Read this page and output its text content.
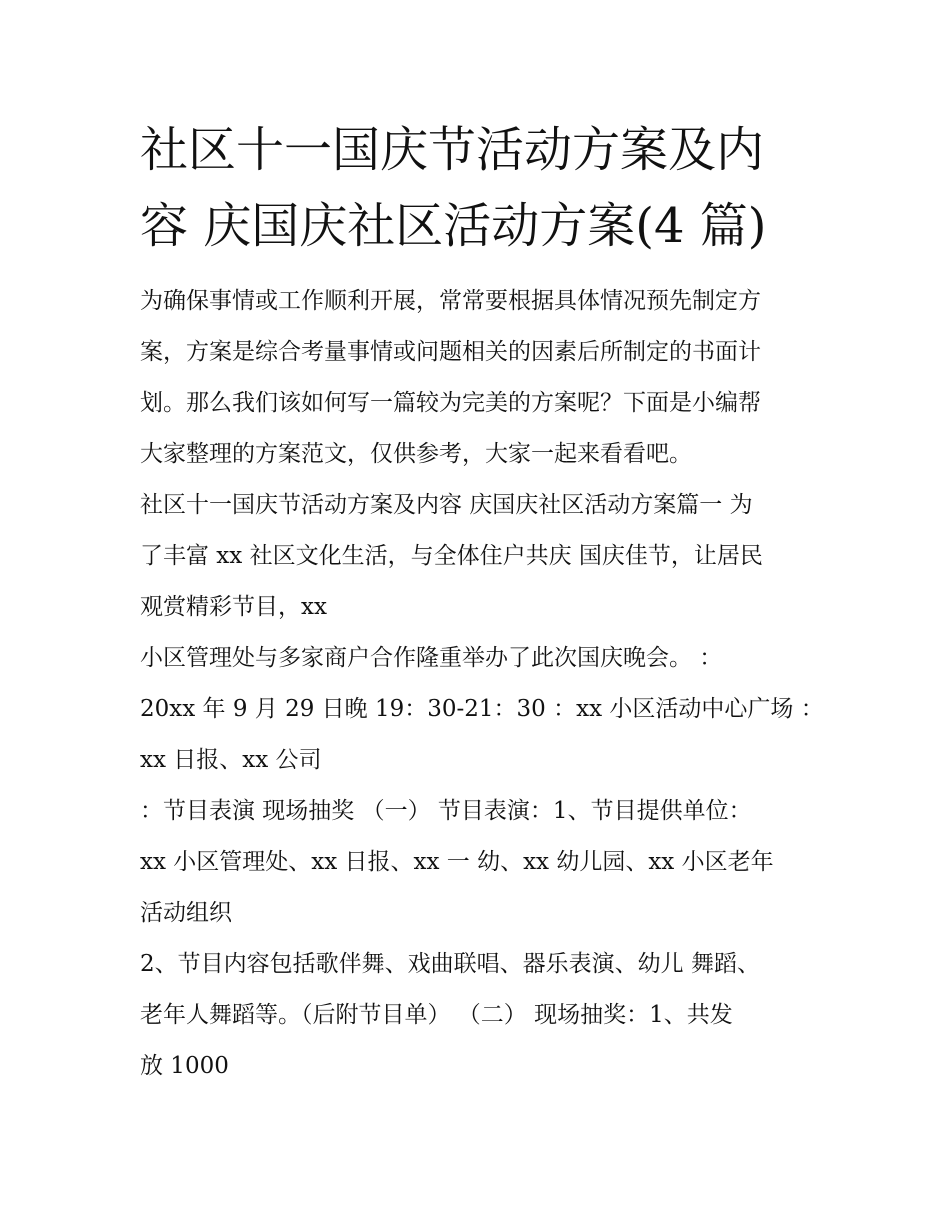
社区十一国庆节活动方案及内
容 庆国庆社区活动方案(4 篇)
为确保事情或工作顺利开展，常常要根据具体情况预先制定方
案，方案是综合考量事情或问题相关的因素后所制定的书面计
划。那么我们该如何写一篇较为完美的方案呢？下面是小编帮
大家整理的方案范文，仅供参考，大家一起来看看吧。
社区十一国庆节活动方案及内容 庆国庆社区活动方案篇一 为
了丰富 xx 社区文化生活，与全体住户共庆 国庆佳节，让居民
观赏精彩节目，xx
小区管理处与多家商户合作隆重举办了此次国庆晚会。 ：
20xx 年 9 月 29 日晚 19：30-21：30 ：xx 小区活动中心广场 ：
xx 日报、xx 公司
：节目表演 现场抽奖 （一） 节目表演：1、节目提供单位：
xx 小区管理处、xx 日报、xx 一 幼、xx 幼儿园、xx 小区老年
活动组织
2、节目内容包括歌伴舞、戏曲联唱、器乐表演、幼儿 舞蹈、
老年人舞蹈等。（后附节目单） （二） 现场抽奖：1、共发
放 1000
